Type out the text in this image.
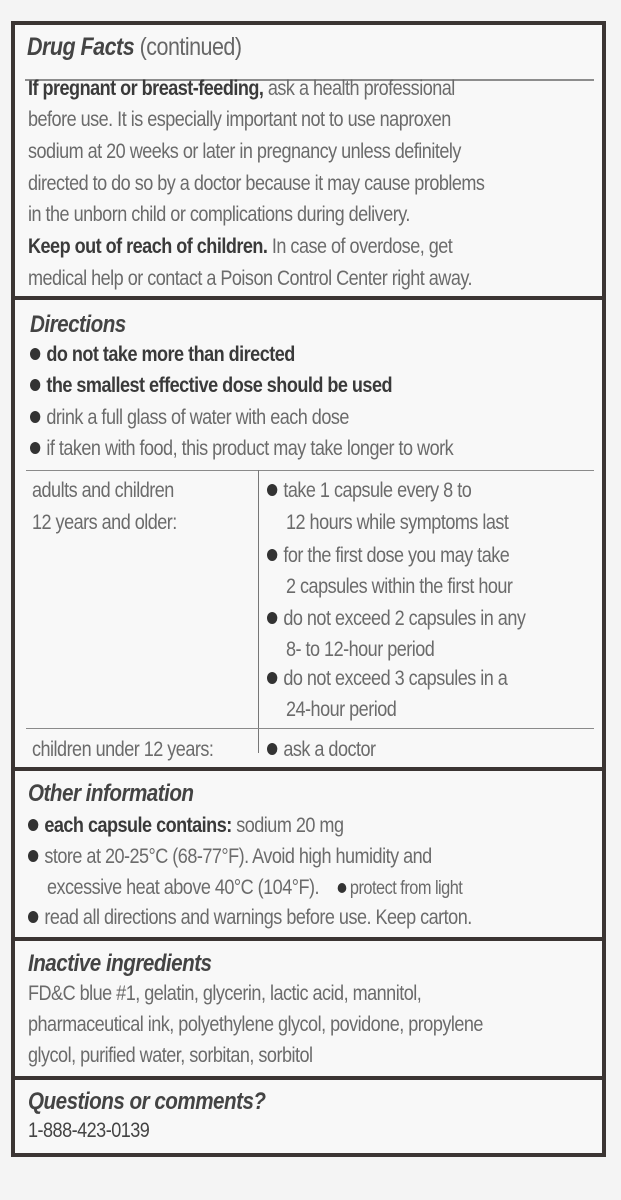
Drug Facts (continued)
If pregnant or breast-feeding, ask a health professional
before use. It is especially important not to use naproxen
sodium at 20 weeks or later in pregnancy unless definitely
directed to do so by a doctor because it may cause problems
in the unborn child or complications during delivery.
Keep out of reach of children. In case of overdose, get
medical help or contact a Poison Control Center right away.
Directions
do not take more than directed
the smallest effective dose should be used
drink a full glass of water with each dose
if taken with food, this product may take longer to work
adults and children
12 years and older:
take 1 capsule every 8 to
12 hours while symptoms last
for the first dose you may take
2 capsules within the first hour
do not exceed 2 capsules in any
8- to 12-hour period
do not exceed 3 capsules in a
24-hour period
children under 12 years:	ask a doctor
Other information
each capsule contains: sodium 20 mg
store at 20-25°C (68-77°F). Avoid high humidity and
excessive heat above 40°C (104°F). protect from light
read all directions and warnings before use. Keep carton.
Inactive ingredients
FD&C blue #1, gelatin, glycerin, lactic acid, mannitol,
pharmaceutical ink, polyethylene glycol, povidone, propylene
glycol, purified water, sorbitan, sorbitol
Questions or comments?
1-888-423-0139
